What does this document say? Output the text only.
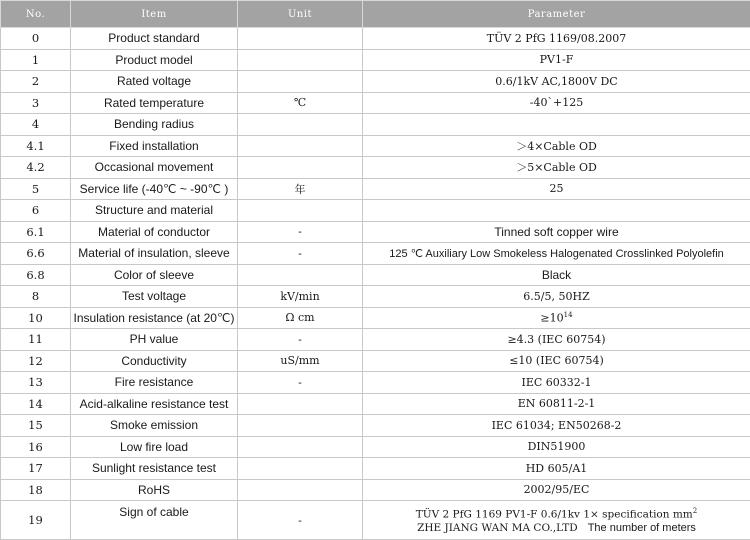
No.	Item	Unit	Parameter
0	Product standard		TÜV 2 PfG 1169/08.2007
1	Product model		PV1-F
2	Rated voltage		0.6/1kV AC,1800V DC
3	Rated temperature	℃	-40`+125
4	Bending radius		
4.1	Fixed installation		＞4×Cable OD
4.2	Occasional movement		＞5×Cable OD
5	Service life (-40℃ ~ -90℃ )	年	25
6	Structure and material		
6.1	Material of conductor	-	Tinned soft copper wire
6.6	Material of insulation, sleeve	-	125 ℃ Auxiliary Low Smokeless Halogenated Crosslinked Polyolefin
6.8	Color of sleeve		Black
8	Test voltage	kV/min	6.5/5, 50HZ
10	Insulation resistance (at 20℃)	Ω cm	$\ge 10^{14}$
11	PH value	-	≥4.3 (IEC 60754)
12	Conductivity	uS/mm	≤10 (IEC 60754)
13	Fire resistance	-	IEC 60332-1
14	Acid-alkaline resistance test		EN 60811-2-1
15	Smoke emission		IEC 61034; EN50268-2
16	Low fire load		DIN51900
17	Sunlight resistance test		HD 605/A1
18	RoHS		2002/95/EC
19	Sign of cable	-	TÜV 2 PfG 1169 PV1-F 0.6/1kv 1× specification $mm^2$
ZHE JIANG WAN MA CO.,LTD The number of meters
